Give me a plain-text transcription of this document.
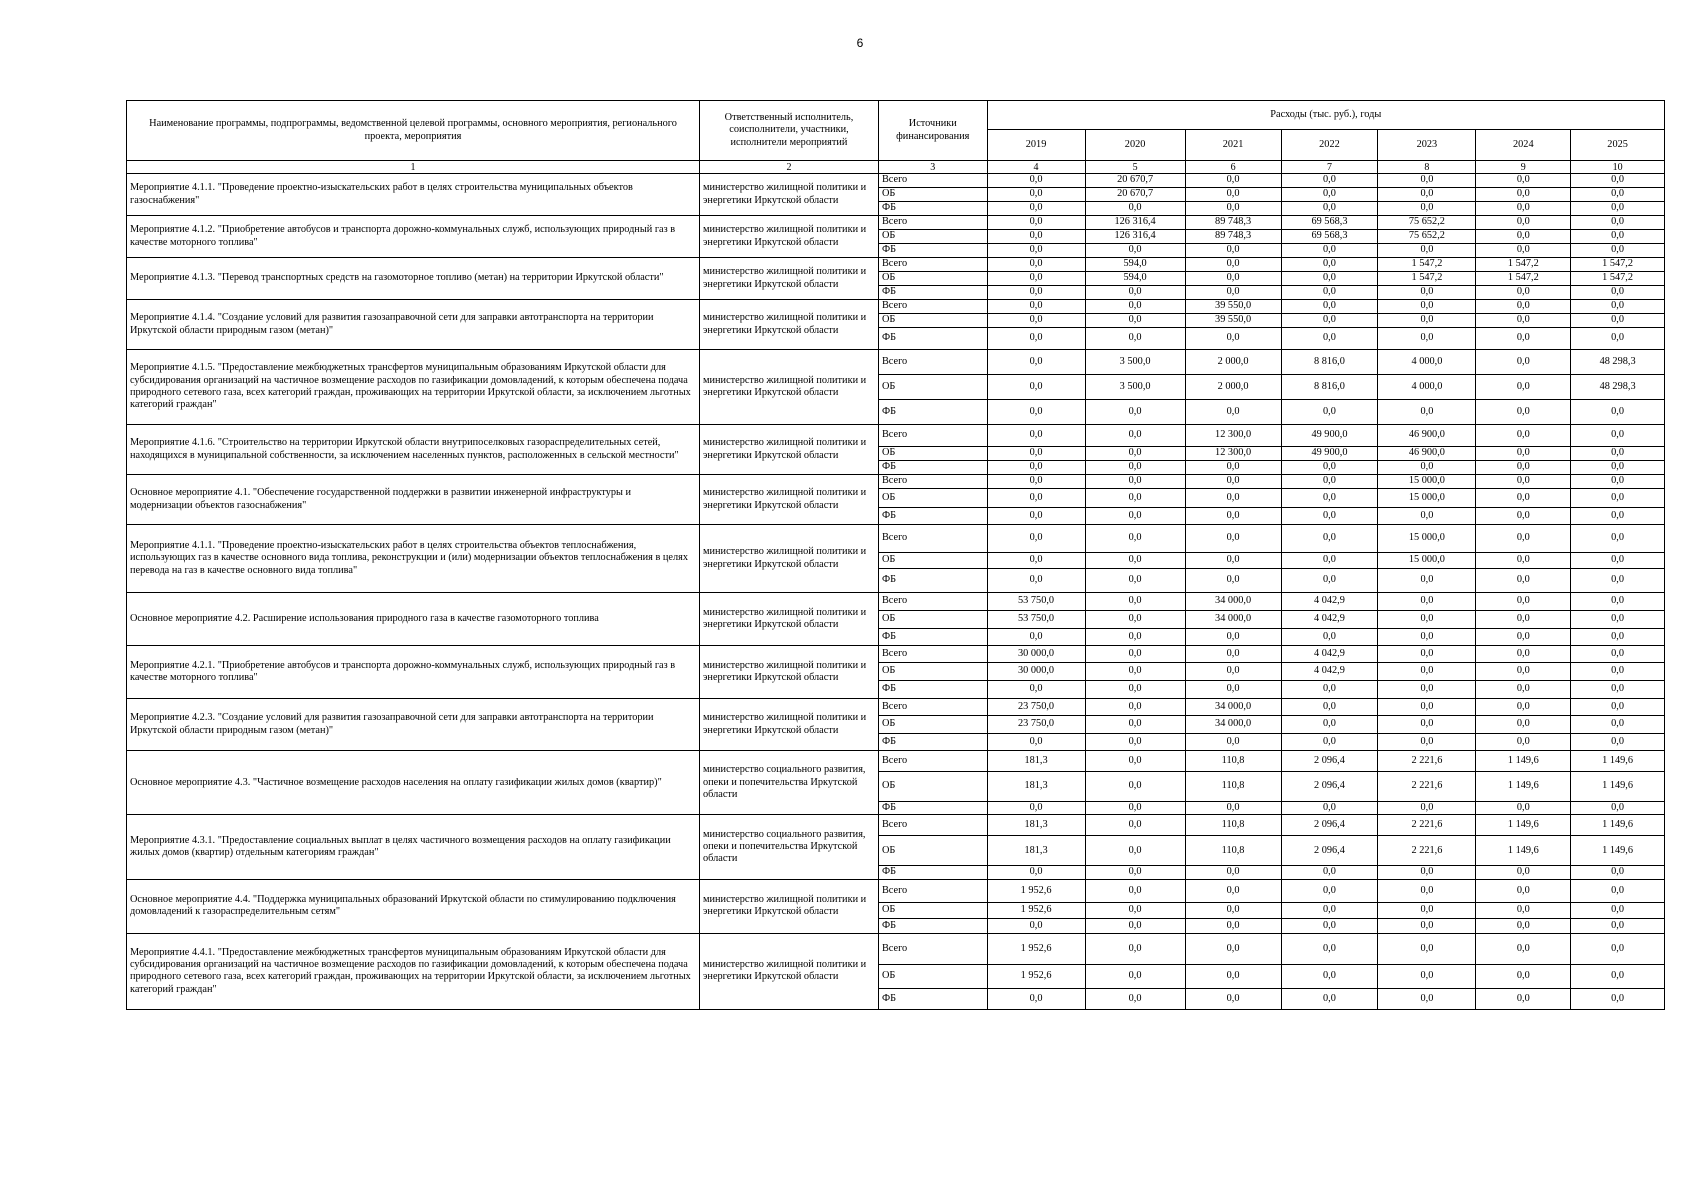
6
Наименование программы, подпрограммы, ведомственной целевой программы, основного мероприятия, регионального проекта, мероприятия	Ответственный исполнитель, соисполнители, участники, исполнители мероприятий	Источники финансирования	Расходы (тыс. руб.), годы						
			2019	2020	2021	2022	2023	2024	2025
1	2	3	4	5	6	7	8	9	10
Мероприятие 4.1.1. "Проведение проектно-изыскательских работ в целях строительства муниципальных объектов газоснабжения"	министерство жилищной политики и энергетики Иркутской области	Всего	0,0	20 670,7	0,0	0,0	0,0	0,0	0,0
		ОБ	0,0	20 670,7	0,0	0,0	0,0	0,0	0,0
		ФБ	0,0	0,0	0,0	0,0	0,0	0,0	0,0
Мероприятие 4.1.2. "Приобретение автобусов и транспорта дорожно-коммунальных служб, использующих природный газ в качестве моторного топлива"	министерство жилищной политики и энергетики Иркутской области	Всего	0,0	126 316,4	89 748,3	69 568,3	75 652,2	0,0	0,0
		ОБ	0,0	126 316,4	89 748,3	69 568,3	75 652,2	0,0	0,0
		ФБ	0,0	0,0	0,0	0,0	0,0	0,0	0,0
Мероприятие 4.1.3. "Перевод транспортных средств на газомоторное топливо (метан) на территории Иркутской области"	министерство жилищной политики и энергетики Иркутской области	Всего	0,0	594,0	0,0	0,0	1 547,2	1 547,2	1 547,2
		ОБ	0,0	594,0	0,0	0,0	1 547,2	1 547,2	1 547,2
		ФБ	0,0	0,0	0,0	0,0	0,0	0,0	0,0
Мероприятие 4.1.4. "Создание условий для развития газозаправочной сети для заправки автотранспорта на территории Иркутской области природным газом (метан)"	министерство жилищной политики и энергетики Иркутской области	Всего	0,0	0,0	39 550,0	0,0	0,0	0,0	0,0
		ОБ	0,0	0,0	39 550,0	0,0	0,0	0,0	0,0
		ФБ	0,0	0,0	0,0	0,0	0,0	0,0	0,0
Мероприятие 4.1.5. "Предоставление межбюджетных трансфертов муниципальным образованиям Иркутской области для субсидирования организаций на частичное возмещение расходов по газификации домовладений, к которым обеспечена подача природного сетевого газа, всех категорий граждан, проживающих на территории Иркутской области, за исключением льготных категорий граждан"	министерство жилищной политики и энергетики Иркутской области	Всего	0,0	3 500,0	2 000,0	8 816,0	4 000,0	0,0	48 298,3
		ОБ	0,0	3 500,0	2 000,0	8 816,0	4 000,0	0,0	48 298,3
		ФБ	0,0	0,0	0,0	0,0	0,0	0,0	0,0
Мероприятие 4.1.6. "Строительство на территории Иркутской области внутрипоселковых газораспределительных сетей, находящихся в муниципальной собственности, за исключением населенных пунктов, расположенных в сельской местности"	министерство жилищной политики и энергетики Иркутской области	Всего	0,0	0,0	12 300,0	49 900,0	46 900,0	0,0	0,0
		ОБ	0,0	0,0	12 300,0	49 900,0	46 900,0	0,0	0,0
		ФБ	0,0	0,0	0,0	0,0	0,0	0,0	0,0
Основное мероприятие 4.1. "Обеспечение государственной поддержки в развитии инженерной инфраструктуры и модернизации объектов газоснабжения"	министерство жилищной политики и энергетики Иркутской области	Всего	0,0	0,0	0,0	0,0	15 000,0	0,0	0,0
		ОБ	0,0	0,0	0,0	0,0	15 000,0	0,0	0,0
		ФБ	0,0	0,0	0,0	0,0	0,0	0,0	0,0
Мероприятие 4.1.1. "Проведение проектно-изыскательских работ в целях строительства объектов теплоснабжения, использующих газ в качестве основного вида топлива, реконструкции и (или) модернизации объектов теплоснабжения в целях перевода на газ в качестве основного вида топлива"	министерство жилищной политики и энергетики Иркутской области	Всего	0,0	0,0	0,0	0,0	15 000,0	0,0	0,0
		ОБ	0,0	0,0	0,0	0,0	15 000,0	0,0	0,0
		ФБ	0,0	0,0	0,0	0,0	0,0	0,0	0,0
Основное мероприятие 4.2. Расширение использования природного газа в качестве газомоторного топлива	министерство жилищной политики и энергетики Иркутской области	Всего	53 750,0	0,0	34 000,0	4 042,9	0,0	0,0	0,0
		ОБ	53 750,0	0,0	34 000,0	4 042,9	0,0	0,0	0,0
		ФБ	0,0	0,0	0,0	0,0	0,0	0,0	0,0
Мероприятие 4.2.1. "Приобретение автобусов и транспорта дорожно-коммунальных служб, использующих природный газ в качестве моторного топлива"	министерство жилищной политики и энергетики Иркутской области	Всего	30 000,0	0,0	0,0	4 042,9	0,0	0,0	0,0
		ОБ	30 000,0	0,0	0,0	4 042,9	0,0	0,0	0,0
		ФБ	0,0	0,0	0,0	0,0	0,0	0,0	0,0
Мероприятие 4.2.3. "Создание условий для развития газозаправочной сети для заправки автотранспорта на территории Иркутской области природным газом (метан)"	министерство жилищной политики и энергетики Иркутской области	Всего	23 750,0	0,0	34 000,0	0,0	0,0	0,0	0,0
		ОБ	23 750,0	0,0	34 000,0	0,0	0,0	0,0	0,0
		ФБ	0,0	0,0	0,0	0,0	0,0	0,0	0,0
Основное мероприятие 4.3. "Частичное возмещение расходов населения на оплату газификации жилых домов (квартир)"	министерство социального развития, опеки и попечительства Иркутской области	Всего	181,3	0,0	110,8	2 096,4	2 221,6	1 149,6	1 149,6
		ОБ	181,3	0,0	110,8	2 096,4	2 221,6	1 149,6	1 149,6
		ФБ	0,0	0,0	0,0	0,0	0,0	0,0	0,0
Мероприятие 4.3.1. "Предоставление социальных выплат в целях частичного возмещения расходов на оплату газификации жилых домов (квартир) отдельным категориям граждан"	министерство социального развития, опеки и попечительства Иркутской области	Всего	181,3	0,0	110,8	2 096,4	2 221,6	1 149,6	1 149,6
		ОБ	181,3	0,0	110,8	2 096,4	2 221,6	1 149,6	1 149,6
		ФБ	0,0	0,0	0,0	0,0	0,0	0,0	0,0
Основное мероприятие 4.4. "Поддержка муниципальных образований Иркутской области по стимулированию подключения домовладений к газораспределительным сетям"	министерство жилищной политики и энергетики Иркутской области	Всего	1 952,6	0,0	0,0	0,0	0,0	0,0	0,0
		ОБ	1 952,6	0,0	0,0	0,0	0,0	0,0	0,0
		ФБ	0,0	0,0	0,0	0,0	0,0	0,0	0,0
Мероприятие 4.4.1. "Предоставление межбюджетных трансфертов муниципальным образованиям Иркутской области для субсидирования организаций на частичное возмещение расходов по газификации домовладений, к которым обеспечена подача природного сетевого газа, всех категорий граждан, проживающих на территории Иркутской области, за исключением льготных категорий граждан"	министерство жилищной политики и энергетики Иркутской области	Всего	1 952,6	0,0	0,0	0,0	0,0	0,0	0,0
		ОБ	1 952,6	0,0	0,0	0,0	0,0	0,0	0,0
		ФБ	0,0	0,0	0,0	0,0	0,0	0,0	0,0
